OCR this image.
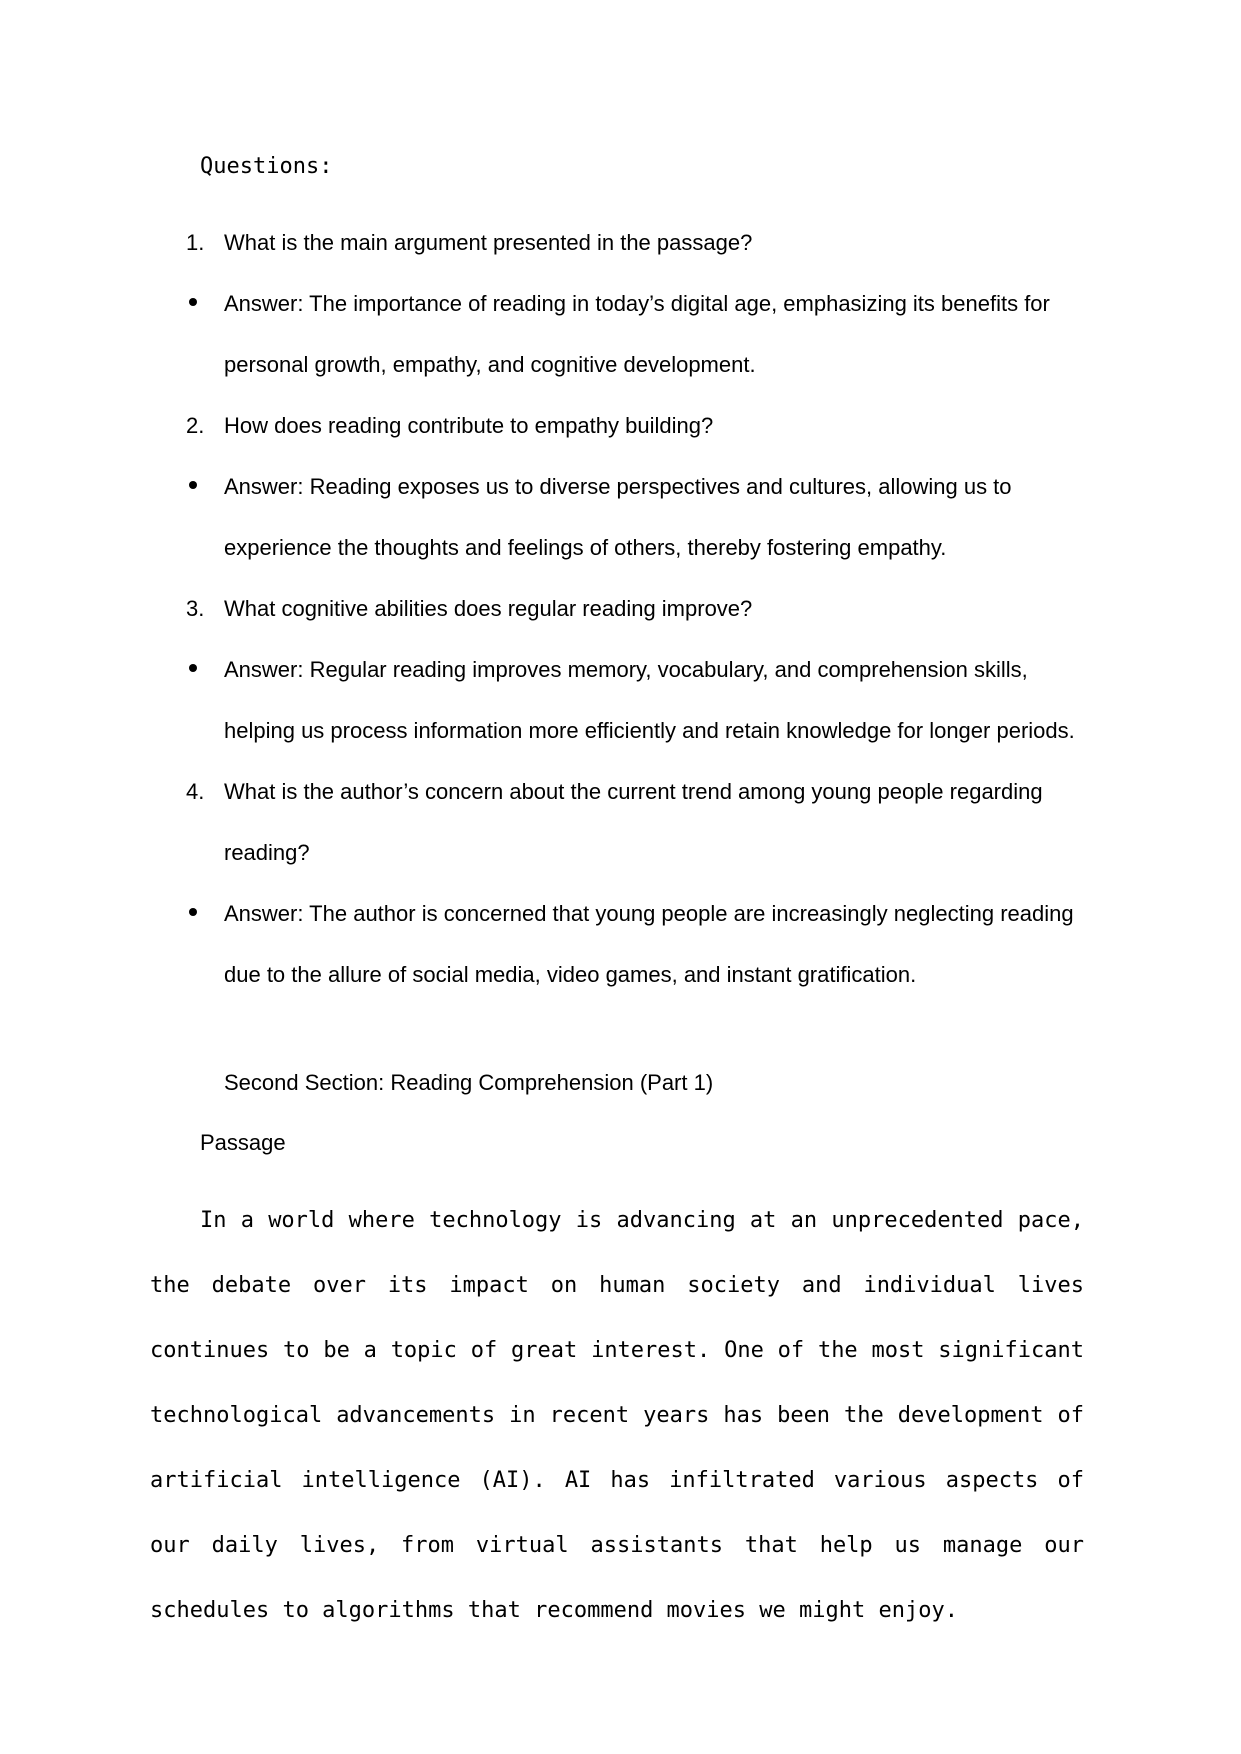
Questions:
1. What is the main argument presented in the passage?
Answer: The importance of reading in today’s digital age, emphasizing its benefits for personal growth, empathy, and cognitive development.
2. How does reading contribute to empathy building?
Answer: Reading exposes us to diverse perspectives and cultures, allowing us to experience the thoughts and feelings of others, thereby fostering empathy.
3. What cognitive abilities does regular reading improve?
Answer: Regular reading improves memory, vocabulary, and comprehension skills, helping us process information more efficiently and retain knowledge for longer periods.
4. What is the author’s concern about the current trend among young people regarding reading?
Answer: The author is concerned that young people are increasingly neglecting reading due to the allure of social media, video games, and instant gratification.
Second Section: Reading Comprehension (Part 1)

Passage

In a world where technology is advancing at an unprecedented pace, the debate over its impact on human society and individual lives continues to be a topic of great interest. One of the most significant technological advancements in recent years has been the development of artificial intelligence (AI). AI has infiltrated various aspects of our daily lives, from virtual assistants that help us manage our schedules to algorithms that recommend movies we might enjoy.
